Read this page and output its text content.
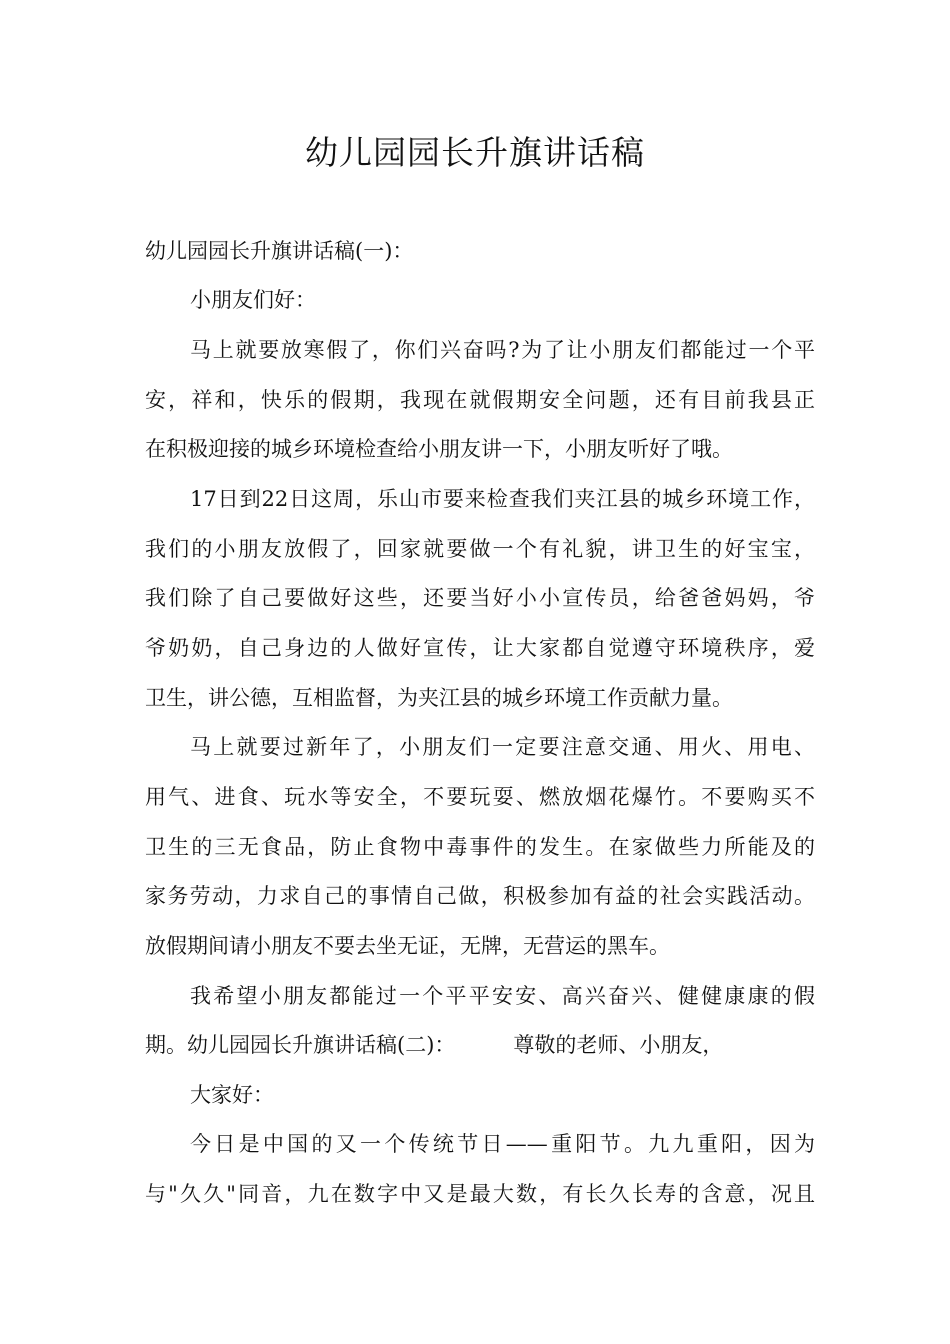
幼儿园园长升旗讲话稿
幼儿园园长升旗讲话稿(一)：
小朋友们好：
马上就要放寒假了，你们兴奋吗?为了让小朋友们都能过一个平
安，祥和，快乐的假期，我现在就假期安全问题，还有目前我县正
在积极迎接的城乡环境检查给小朋友讲一下，小朋友听好了哦。
17日到22日这周，乐山市要来检查我们夹江县的城乡环境工作，
我们的小朋友放假了，回家就要做一个有礼貌，讲卫生的好宝宝，
我们除了自己要做好这些，还要当好小小宣传员，给爸爸妈妈，爷
爷奶奶，自己身边的人做好宣传，让大家都自觉遵守环境秩序，爱
卫生，讲公德，互相监督，为夹江县的城乡环境工作贡献力量。
马上就要过新年了，小朋友们一定要注意交通、用火、用电、
用气、进食、玩水等安全，不要玩耍、燃放烟花爆竹。不要购买不
卫生的三无食品，防止食物中毒事件的发生。在家做些力所能及的
家务劳动，力求自己的事情自己做，积极参加有益的社会实践活动。
放假期间请小朋友不要去坐无证，无牌，无营运的黑车。
我希望小朋友都能过一个平平安安、高兴奋兴、健健康康的假
期。幼儿园园长升旗讲话稿(二)：	尊敬的老师、小朋友，
大家好：
今日是中国的又一个传统节日——重阳节。九九重阳，因为
与"久久"同音，九在数字中又是最大数，有长久长寿的含意，况且
